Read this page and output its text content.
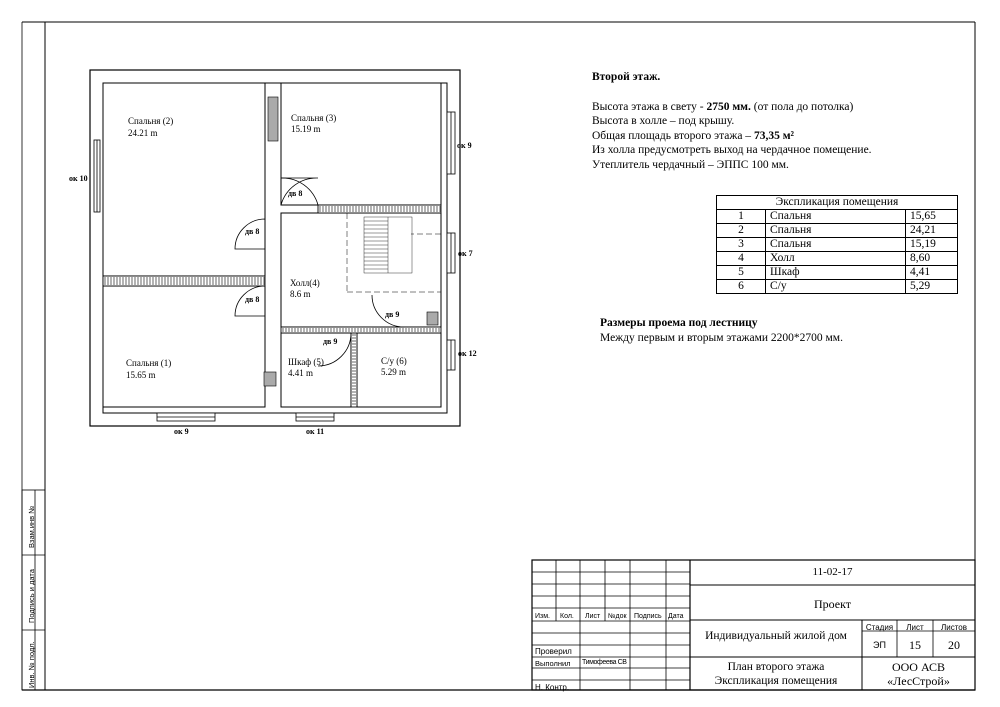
Спальня (2)
24.21 m
Спальня (3)
15.19 m
Спальня (1)
15.65 m
Холл(4)
8.6 m
Шкаф (5)
4.41 m
С/у (6)
5.29 m
ок 10
ок 9
ок 7
ок 12
ок 9	ок 11
дв 8
дв 8
дв 8
дв 9
дв 9
Второй этаж.
Высота этажа в свету - 2750 мм. (от пола до потолка)
Высота в холле – под крышу.
Общая площадь второго этажа – 73,35 м²
Из холла предусмотреть выход на чердачное помещение.
Утеплитель чердачный – ЭППС 100 мм.
Экспликация помещения		
1	Спальня	15,65
2	Спальня	24,21
3	Спальня	15,19
4	Холл	8,60
5	Шкаф	4,41
6	С/у	5,29
Размеры проема под лестницу
Между первым и вторым этажами 2200*2700 мм.
11-02-17
Проект
Индивидуальный жилой дом
План второго этажа
Экспликация помещения
ООО АСВ
«ЛесСтрой»
Стадия	Лист	Листов
ЭП	15	20
Изм. Кол. Лист №док Подпись Дата
Проверил
Выполнил Тимофеева СВ
Н. Контр.
Взам.инв №
Подпись и дата
Инв. № подл.
